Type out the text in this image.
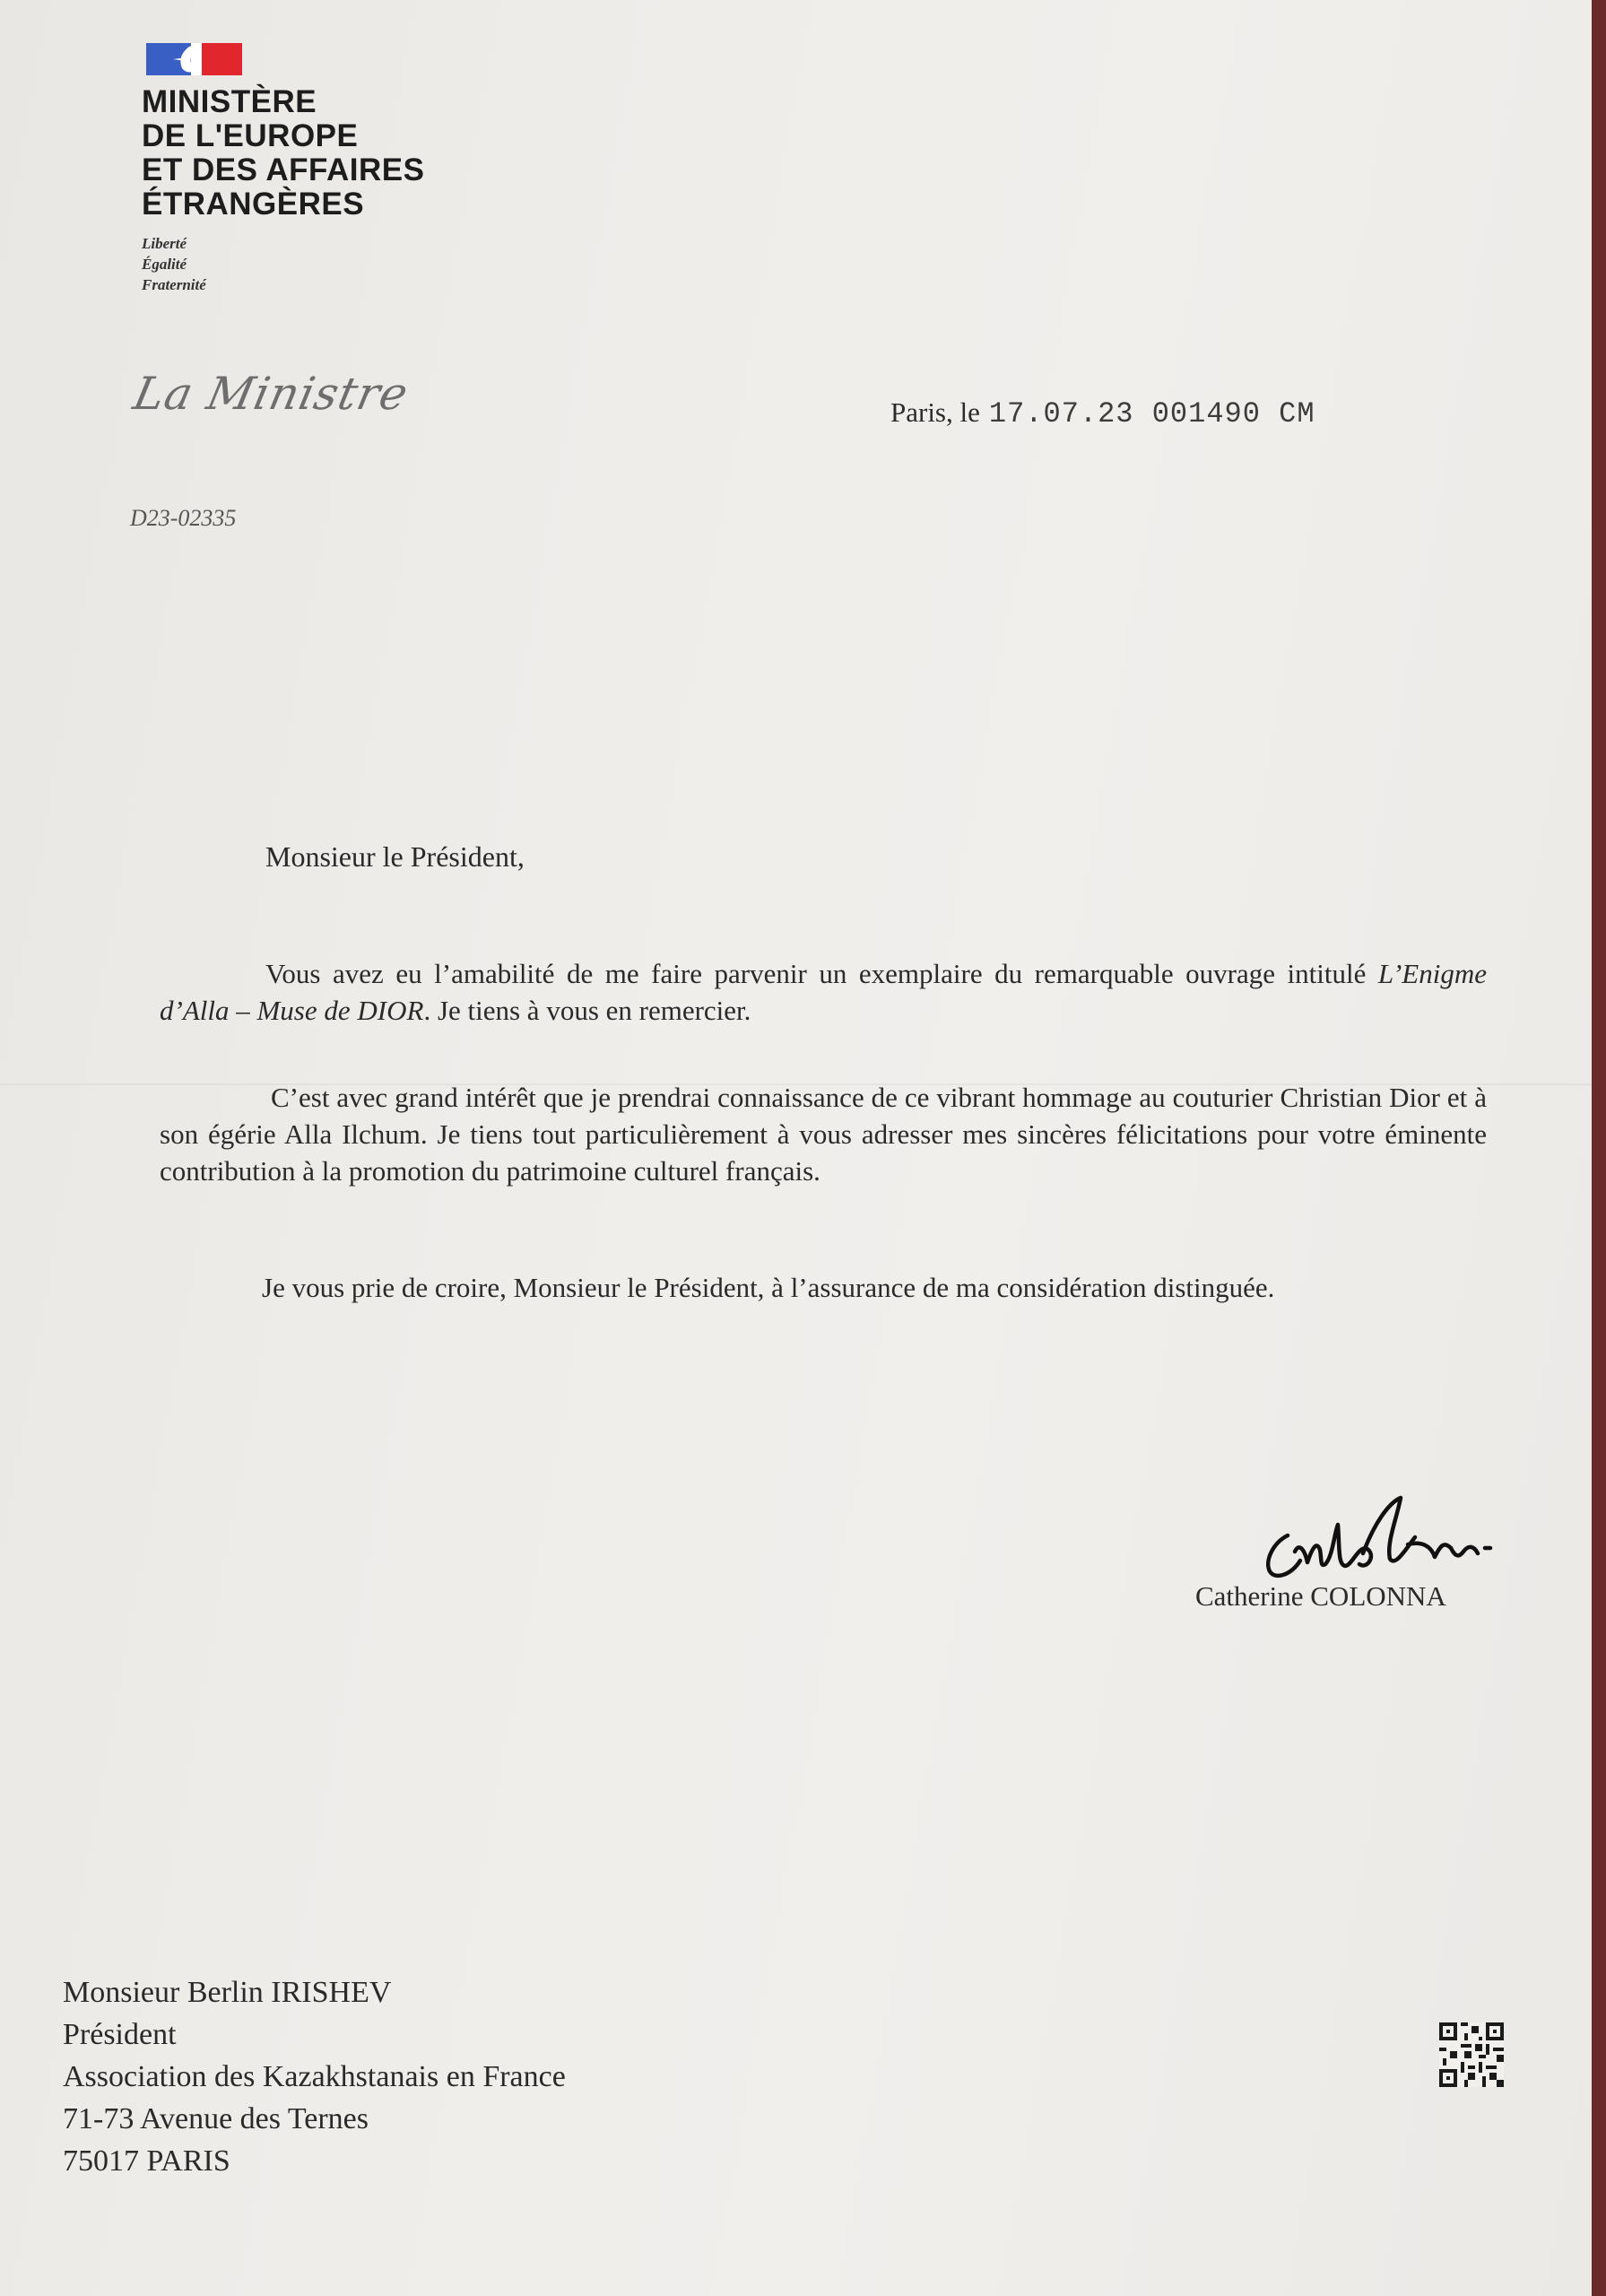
MINISTÈRE
DE L'EUROPE
ET DES AFFAIRES
ÉTRANGÈRES
Liberté
Égalité
Fraternité
La Ministre	Paris, le 17.07.23 001490 CM
D23-02335
Monsieur le Président,
Vous avez eu l’amabilité de me faire parvenir un exemplaire du remarquable ouvrage intitulé L’Enigme d’Alla – Muse de DIOR. Je tiens à vous en remercier.
C’est avec grand intérêt que je prendrai connaissance de ce vibrant hommage au couturier Christian Dior et à son égérie Alla Ilchum. Je tiens tout particulièrement à vous adresser mes sincères félicitations pour votre éminente contribution à la promotion du patrimoine culturel français.
Je vous prie de croire, Monsieur le Président, à l’assurance de ma considération distinguée.
Catherine COLONNA
Monsieur Berlin IRISHEV
Président
Association des Kazakhstanais en France
71-73 Avenue des Ternes
75017 PARIS
